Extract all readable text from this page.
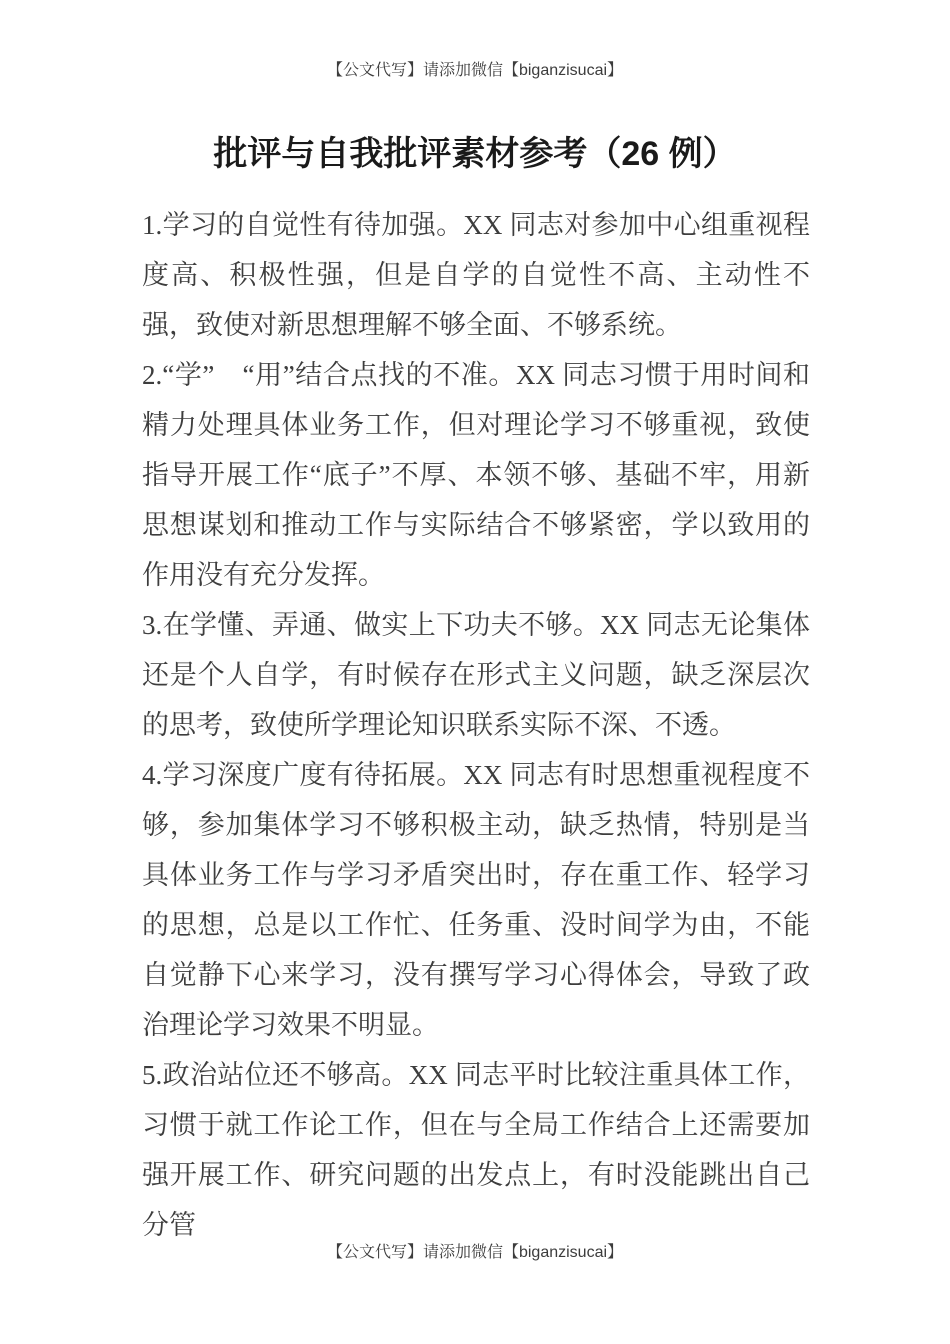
【公文代写】请添加微信【biganzisucai】
批评与自我批评素材参考（26 例）

1.学习的自觉性有待加强。XX 同志对参加中心组重视程度高、积极性强，但是自学的自觉性不高、主动性不强，致使对新思想理解不够全面、不够系统。

2.“学”　“用”结合点找的不准。XX 同志习惯于用时间和精力处理具体业务工作，但对理论学习不够重视，致使指导开展工作“底子”不厚、本领不够、基础不牢，用新思想谋划和推动工作与实际结合不够紧密，学以致用的作用没有充分发挥。

3.在学懂、弄通、做实上下功夫不够。XX 同志无论集体还是个人自学，有时候存在形式主义问题，缺乏深层次的思考，致使所学理论知识联系实际不深、不透。

4.学习深度广度有待拓展。XX 同志有时思想重视程度不够，参加集体学习不够积极主动，缺乏热情，特别是当具体业务工作与学习矛盾突出时，存在重工作、轻学习的思想，总是以工作忙、任务重、没时间学为由，不能自觉静下心来学习，没有撰写学习心得体会，导致了政治理论学习效果不明显。

5.政治站位还不够高。XX 同志平时比较注重具体工作，习惯于就工作论工作，但在与全局工作结合上还需要加强开展工作、研究问题的出发点上，有时没能跳出自己分管

【公文代写】请添加微信【biganzisucai】
